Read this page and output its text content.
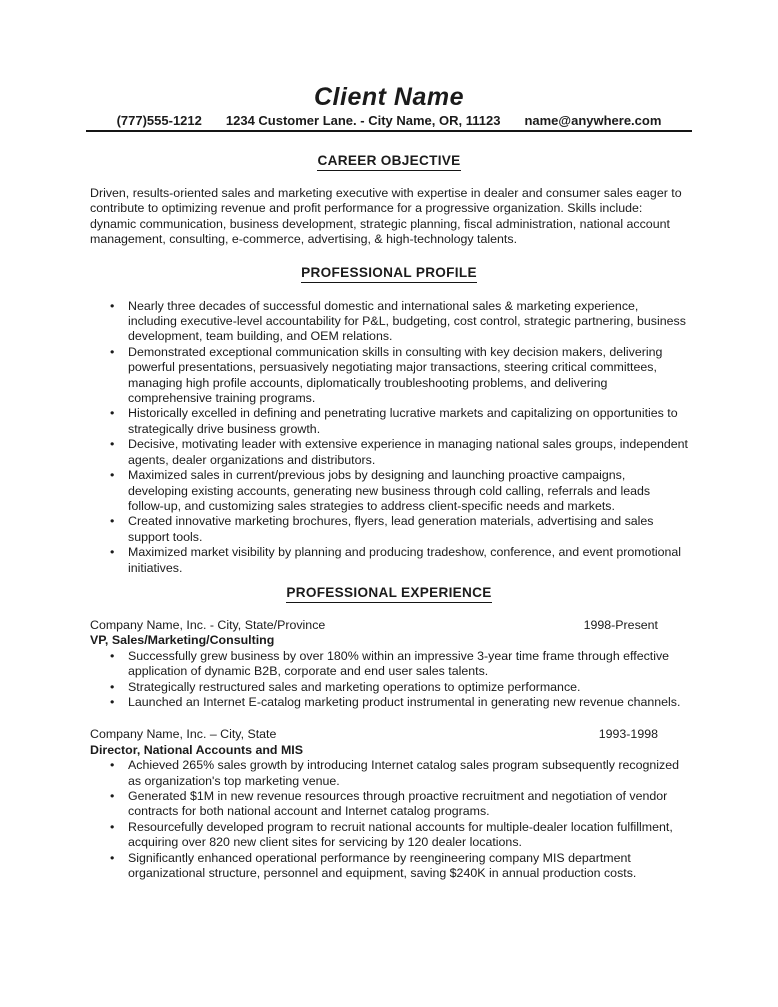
Client Name
(777)555-1212 1234 Customer Lane. - City Name, OR, 11123 name@anywhere.com
CAREER OBJECTIVE

Driven, results-oriented sales and marketing executive with expertise in dealer and consumer sales eager to contribute to optimizing revenue and profit performance for a progressive organization. Skills include: dynamic communication, business development, strategic planning, fiscal administration, national account management, consulting, e-commerce, advertising, & high-technology talents.

PROFESSIONAL PROFILE
• Nearly three decades of successful domestic and international sales & marketing experience, including executive-level accountability for P&L, budgeting, cost control, strategic partnering, business development, team building, and OEM relations.
• Demonstrated exceptional communication skills in consulting with key decision makers, delivering powerful presentations, persuasively negotiating major transactions, steering critical committees, managing high profile accounts, diplomatically troubleshooting problems, and delivering comprehensive training programs.
• Historically excelled in defining and penetrating lucrative markets and capitalizing on opportunities to strategically drive business growth.
• Decisive, motivating leader with extensive experience in managing national sales groups, independent agents, dealer organizations and distributors.
• Maximized sales in current/previous jobs by designing and launching proactive campaigns, developing existing accounts, generating new business through cold calling, referrals and leads follow-up, and customizing sales strategies to address client-specific needs and markets.
• Created innovative marketing brochures, flyers, lead generation materials, advertising and sales support tools.
• Maximized market visibility by planning and producing tradeshow, conference, and event promotional initiatives.
PROFESSIONAL EXPERIENCE
Company Name, Inc. - City, State/Province	1998-Present
VP, Sales/Marketing/Consulting
• Successfully grew business by over 180% within an impressive 3-year time frame through effective application of dynamic B2B, corporate and end user sales talents.
• Strategically restructured sales and marketing operations to optimize performance.
• Launched an Internet E-catalog marketing product instrumental in generating new revenue channels.
Company Name, Inc. – City, State	1993-1998
Director, National Accounts and MIS
• Achieved 265% sales growth by introducing Internet catalog sales program subsequently recognized as organization's top marketing venue.
• Generated $1M in new revenue resources through proactive recruitment and negotiation of vendor contracts for both national account and Internet catalog programs.
• Resourcefully developed program to recruit national accounts for multiple-dealer location fulfillment, acquiring over 820 new client sites for servicing by 120 dealer locations.
• Significantly enhanced operational performance by reengineering company MIS department organizational structure, personnel and equipment, saving $240K in annual production costs.
